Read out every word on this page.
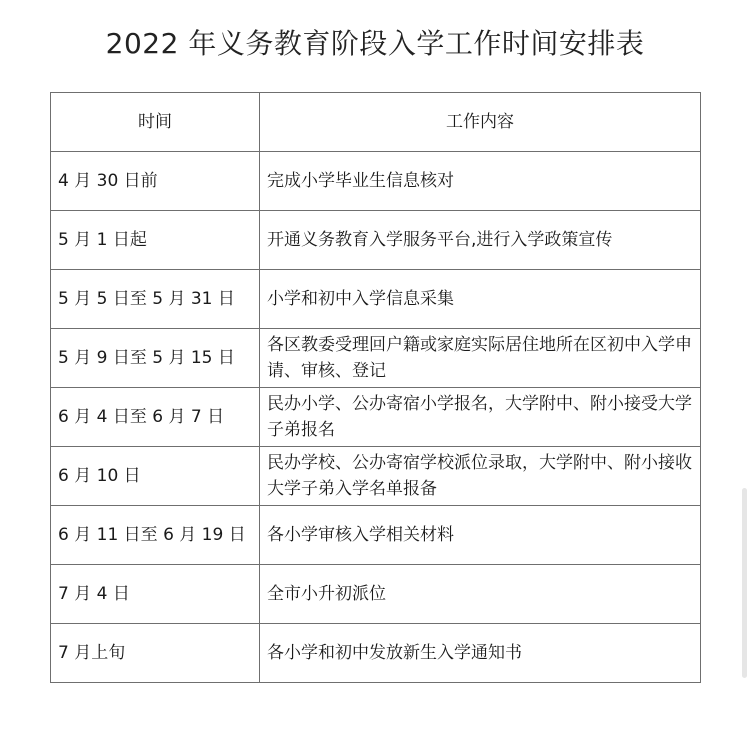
2022 年义务教育阶段入学工作时间安排表
时间	工作内容
4 月 30 日前	完成小学毕业生信息核对
5 月 1 日起	开通义务教育入学服务平台,进行入学政策宣传
5 月 5 日至 5 月 31 日	小学和初中入学信息采集
5 月 9 日至 5 月 15 日	各区教委受理回户籍或家庭实际居住地所在区初中入学申请、审核、登记
6 月 4 日至 6 月 7 日	民办小学、公办寄宿小学报名，大学附中、附小接受大学子弟报名
6 月 10 日	民办学校、公办寄宿学校派位录取，大学附中、附小接收大学子弟入学名单报备
6 月 11 日至 6 月 19 日	各小学审核入学相关材料
7 月 4 日	全市小升初派位
7 月上旬	各小学和初中发放新生入学通知书
